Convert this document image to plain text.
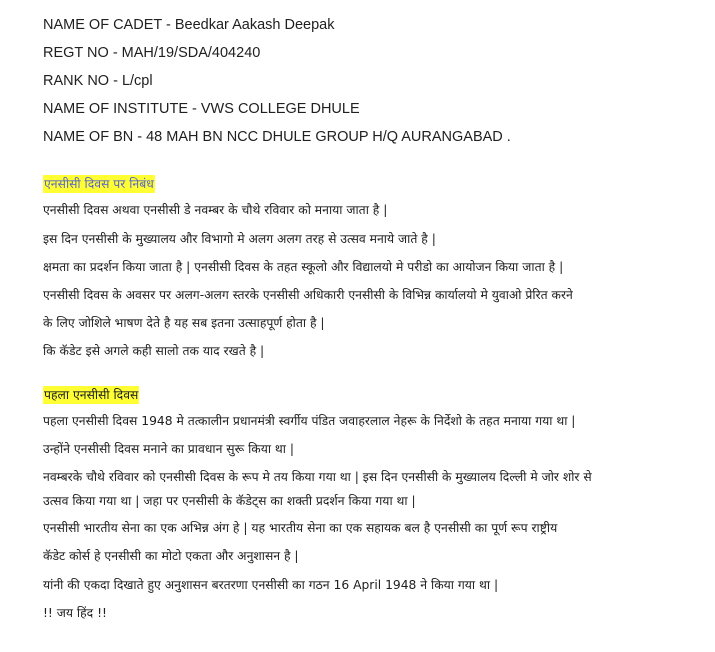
NAME OF CADET - Beedkar Aakash Deepak
REGT NO - MAH/19/SDA/404240
RANK NO - L/cpl
NAME OF INSTITUTE - VWS COLLEGE DHULE
NAME OF BN - 48 MAH BN NCC DHULE GROUP H/Q AURANGABAD .
एनसीसी दिवस पर निबंध
एनसीसी दिवस अथवा एनसीसी डे नवम्बर के चौथे रविवार को मनाया जाता है |
इस दिन एनसीसी के मुख्यालय और विभागो मे अलग अलग तरह से उत्सव मनाये जाते है |
क्षमता का प्रदर्शन किया जाता है | एनसीसी दिवस के तहत स्कूलो और विद्यालयो मे परीडो का आयोजन किया जाता है |
एनसीसी दिवस के अवसर पर अलग-अलग स्तरके एनसीसी अधिकारी एनसीसी के विभिन्न कार्यालयो मे युवाओ प्रेरित करने
के लिए जोशिले भाषण देते है यह सब इतना उत्साहपूर्ण होता है |
कि कॅडेट इसे अगले कही सालो तक याद रखते है |
पहला एनसीसी दिवस
पहला एनसीसी दिवस 1948 मे तत्कालीन प्रधानमंत्री स्वर्गीय पंडित जवाहरलाल नेहरू के निर्देशो के तहत मनाया गया था |
उन्होंने एनसीसी दिवस मनाने का प्रावधान सुरू किया था |
नवम्बरके चौथे रविवार को एनसीसी दिवस के रूप मे तय किया गया था | इस दिन एनसीसी के मुख्यालय दिल्ली मे जोर शोर से
उत्सव किया गया था | जहा पर एनसीसी के कॅडेट्स का शक्ती प्रदर्शन किया गया था |
एनसीसी भारतीय सेना का एक अभिन्न अंग हे | यह भारतीय सेना का एक सहायक बल है एनसीसी का पूर्ण रूप राष्ट्रीय
कॅडेट कोर्स हे एनसीसी का मोटो एकता और अनुशासन है |
यांनी की एकदा दिखाते हुए अनुशासन बरतरणा एनसीसी का गठन 16 April 1948 ने किया गया था |
!! जय हिंद !!
